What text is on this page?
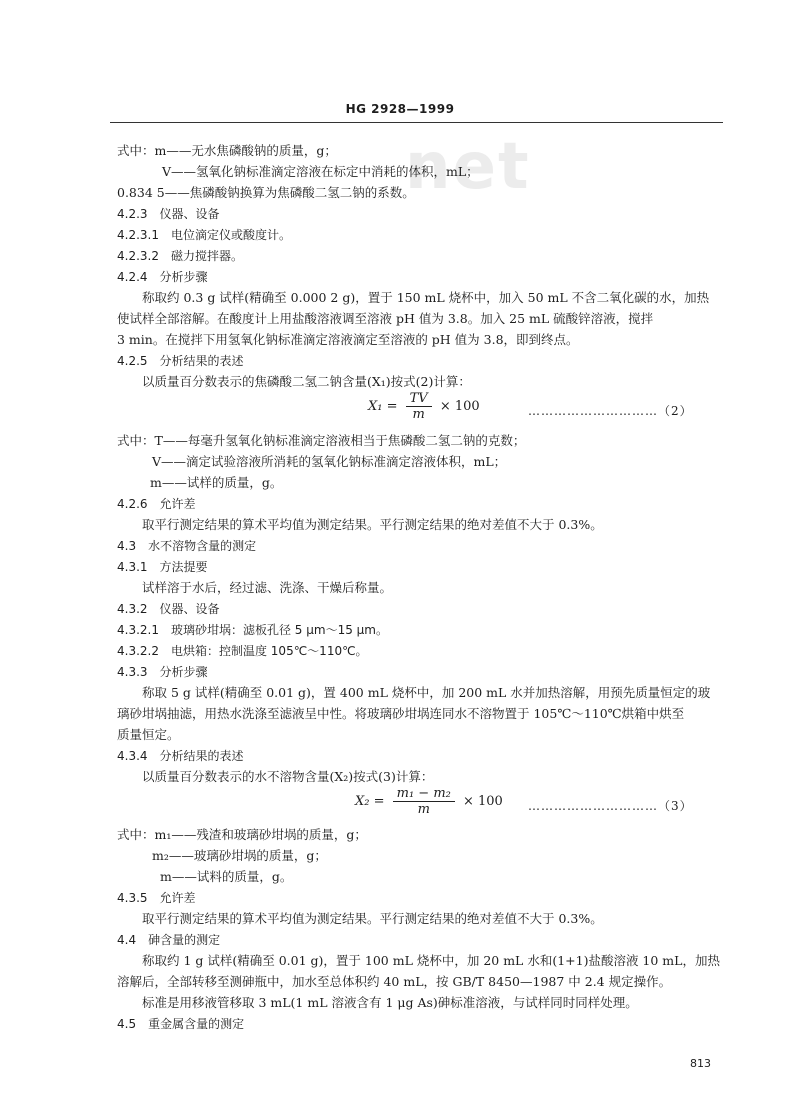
HG 2928—1999
net
式中：m——无水焦磷酸钠的质量，g；
V——氢氧化钠标准滴定溶液在标定中消耗的体积，mL；
0.834 5——焦磷酸钠换算为焦磷酸二氢二钠的系数。
4.2.3　仪器、设备
4.2.3.1　电位滴定仪或酸度计。
4.2.3.2　磁力搅拌器。
4.2.4　分析步骤
称取约 0.3 g 试样(精确至 0.000 2 g)，置于 150 mL 烧杯中，加入 50 mL 不含二氧化碳的水，加热
使试样全部溶解。在酸度计上用盐酸溶液调至溶液 pH 值为 3.8。加入 25 mL 硫酸锌溶液，搅拌
3 min。在搅拌下用氢氧化钠标准滴定溶液滴定至溶液的 pH 值为 3.8，即到终点。
4.2.5　分析结果的表述
以质量百分数表示的焦磷酸二氢二钠含量(X₁)按式(2)计算：
$X_1 = \frac{TV}{m} \times 100$	…………………………（2）
式中：T——每毫升氢氧化钠标准滴定溶液相当于焦磷酸二氢二钠的克数；
V——滴定试验溶液所消耗的氢氧化钠标准滴定溶液体积，mL；
m——试样的质量，g。
4.2.6　允许差
取平行测定结果的算术平均值为测定结果。平行测定结果的绝对差值不大于 0.3%。
4.3　水不溶物含量的测定
4.3.1　方法提要
试样溶于水后，经过滤、洗涤、干燥后称量。
4.3.2　仪器、设备
4.3.2.1　玻璃砂坩埚：滤板孔径 5 μm～15 μm。
4.3.2.2　电烘箱：控制温度 105℃～110℃。
4.3.3　分析步骤
称取 5 g 试样(精确至 0.01 g)，置 400 mL 烧杯中，加 200 mL 水并加热溶解，用预先质量恒定的玻
璃砂坩埚抽滤，用热水洗涤至滤液呈中性。将玻璃砂坩埚连同水不溶物置于 105℃～110℃烘箱中烘至
质量恒定。
4.3.4　分析结果的表述
以质量百分数表示的水不溶物含量(X₂)按式(3)计算：
$X_2 = \frac{\text{m₁ − m₂}}{m} \times 100$ …………………………（3）
式中：m₁——残渣和玻璃砂坩埚的质量，g；
m₂——玻璃砂坩埚的质量，g；
m——试料的质量，g。
4.3.5　允许差
取平行测定结果的算术平均值为测定结果。平行测定结果的绝对差值不大于 0.3%。
4.4　砷含量的测定
称取约 1 g 试样(精确至 0.01 g)，置于 100 mL 烧杯中，加 20 mL 水和(1+1)盐酸溶液 10 mL，加热
溶解后，全部转移至测砷瓶中，加水至总体积约 40 mL，按 GB/T 8450—1987 中 2.4 规定操作。
标准是用移液管移取 3 mL(1 mL 溶液含有 1 μg As)砷标准溶液，与试样同时同样处理。
4.5　重金属含量的测定
813
